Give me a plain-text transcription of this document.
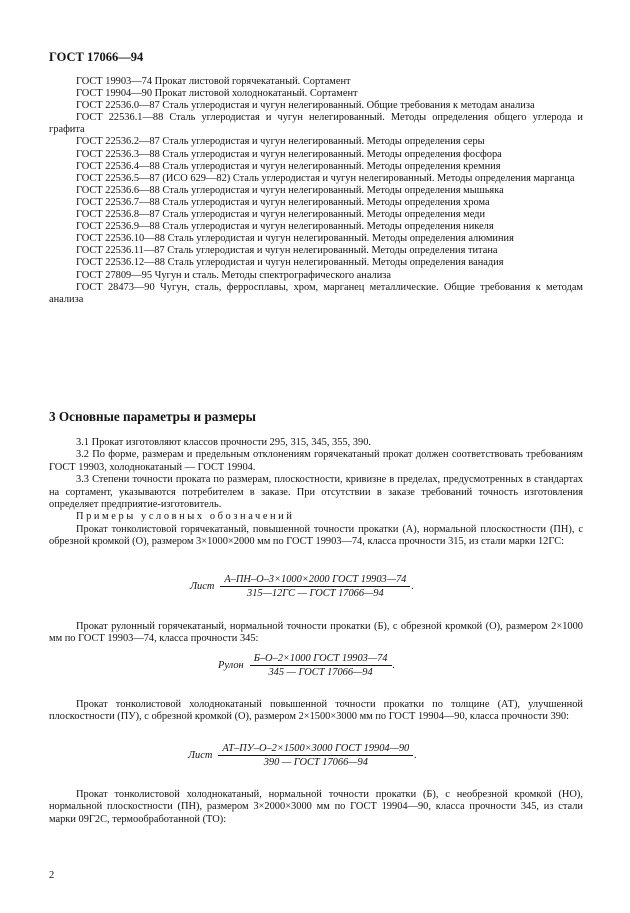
ГОСТ 17066—94

ГОСТ 19903—74 Прокат листовой горячекатаный. Сортамент

ГОСТ 19904—90 Прокат листовой холоднокатаный. Сортамент

ГОСТ 22536.0—87 Сталь углеродистая и чугун нелегированный. Общие требования к методам анализа

ГОСТ 22536.1—88 Сталь углеродистая и чугун нелегированный. Методы определения общего углерода и графита

ГОСТ 22536.2—87 Сталь углеродистая и чугун нелегированный. Методы определения серы

ГОСТ 22536.3—88 Сталь углеродистая и чугун нелегированный. Методы определения фосфора

ГОСТ 22536.4—88 Сталь углеродистая и чугун нелегированный. Методы определения кремния

ГОСТ 22536.5—87 (ИСО 629—82) Сталь углеродистая и чугун нелегированный. Методы определения марганца

ГОСТ 22536.6—88 Сталь углеродистая и чугун нелегированный. Методы определения мышьяка

ГОСТ 22536.7—88 Сталь углеродистая и чугун нелегированный. Методы определения хрома

ГОСТ 22536.8—87 Сталь углеродистая и чугун нелегированный. Методы определения меди

ГОСТ 22536.9—88 Сталь углеродистая и чугун нелегированный. Методы определения никеля

ГОСТ 22536.10—88 Сталь углеродистая и чугун нелегированный. Методы определения алюминия

ГОСТ 22536.11—87 Сталь углеродистая и чугун нелегированный. Методы определения титана

ГОСТ 22536.12—88 Сталь углеродистая и чугун нелегированный. Методы определения ванадия

ГОСТ 27809—95 Чугун и сталь. Методы спектрографического анализа

ГОСТ 28473—90 Чугун, сталь, ферросплавы, хром, марганец металлические. Общие требования к методам анализа

3 Основные параметры и размеры

3.1 Прокат изготовляют классов прочности 295, 315, 345, 355, 390.

3.2 По форме, размерам и предельным отклонениям горячекатаный прокат должен соответствовать требованиям ГОСТ 19903, холоднокатаный — ГОСТ 19904.

3.3 Степени точности проката по размерам, плоскостности, кривизне в пределах, предусмотренных в стандартах на сортамент, указываются потребителем в заказе. При отсутствии в заказе требований точность изготовления определяет предприятие-изготовитель.

Примеры условных обозначений

Прокат тонколистовой горячекатаный, повышенной точности прокатки (А), нормальной плоскостности (ПН), с обрезной кромкой (О), размером 3×1000×2000 мм по ГОСТ 19903—74, класса прочности 315, из стали марки 12ГС:

Лист $\frac{\text{А–ПН–О–3×1000×2000 ГОСТ 19903—74}}{\text{315—12ГС — ГОСТ 17066—94}}$ .

Прокат рулонный горячекатаный, нормальной точности прокатки (Б), с обрезной кромкой (О), размером 2×1000 мм по ГОСТ 19903—74, класса прочности 345:

Рулон $\frac{\text{Б–О–2×1000 ГОСТ 19903—74}}{\text{345 — ГОСТ 17066—94}}$ .

Прокат тонколистовой холоднокатаный повышенной точности прокатки по толщине (АТ), улучшенной плоскостности (ПУ), с обрезной кромкой (О), размером 2×1500×3000 мм по ГОСТ 19904—90, класса прочности 390:

Лист $\frac{\text{АТ–ПУ–О–2×1500×3000 ГОСТ 19904—90}}{\text{390 — ГОСТ 17066—94}}$ .

Прокат тонколистовой холоднокатаный, нормальной точности прокатки (Б), с необрезной кромкой (НО), нормальной плоскостности (ПН), размером 3×2000×3000 мм по ГОСТ 19904—90, класса прочности 345, из стали марки 09Г2С, термообработанной (ТО):

2
